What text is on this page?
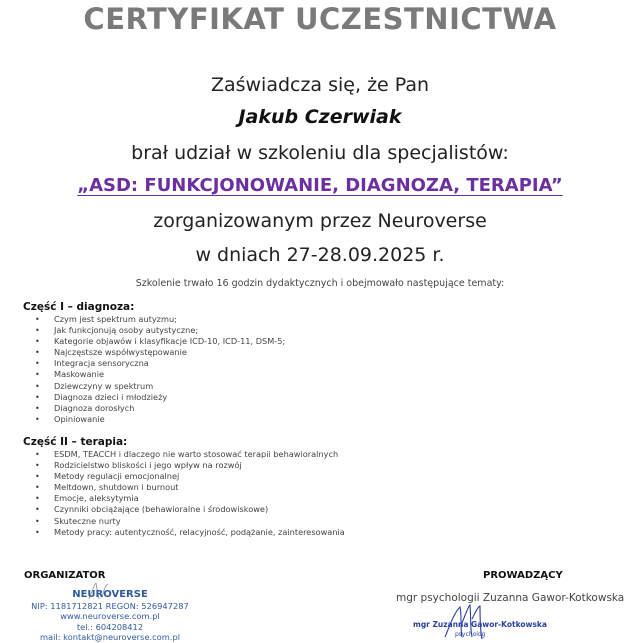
CERTYFIKAT UCZESTNICTWA
Zaświadcza się, że Pan
Jakub Czerwiak
brał udział w szkoleniu dla specjalistów:
„ASD: FUNKCJONOWANIE, DIAGNOZA, TERAPIA”
zorganizowanym przez Neuroverse
w dniach 27-28.09.2025 r.
Szkolenie trwało 16 godzin dydaktycznych i obejmowało następujące tematy:
Część I – diagnoza:
• Czym jest spektrum autyzmu;
• Jak funkcjonują osoby autystyczne;
• Kategorie objawów i klasyfikacje ICD-10, ICD-11, DSM-5;
• Najczęstsze współwystępowanie
• Integracja sensoryczna
• Maskowanie
• Dziewczyny w spektrum
• Diagnoza dzieci i młodzieży
• Diagnoza dorosłych
• Opiniowanie
Część II – terapia:
• ESDM, TEACCH i dlaczego nie warto stosować terapii behawioralnych
• Rodzicielstwo bliskości i jego wpływ na rozwój
• Metody regulacji emocjonalnej
• Meltdown, shutdown i burnout
• Emocje, aleksytymia
• Czynniki obciążające (behawioralne i środowiskowe)
• Skuteczne nurty
• Metody pracy: autentyczność, relacyjność, podążanie, zainteresowania
ORGANIZATOR
NEUROVERSE
NIP: 1181712821 REGON: 526947287
www.neuroverse.com.pl
tel.: 604208412
mail: kontakt@neuroverse.com.pl
PROWADZĄCY
mgr psychologii Zuzanna Gawor-Kotkowska
mgr Zuzanna Gawor-Kotkowska
psycholog
